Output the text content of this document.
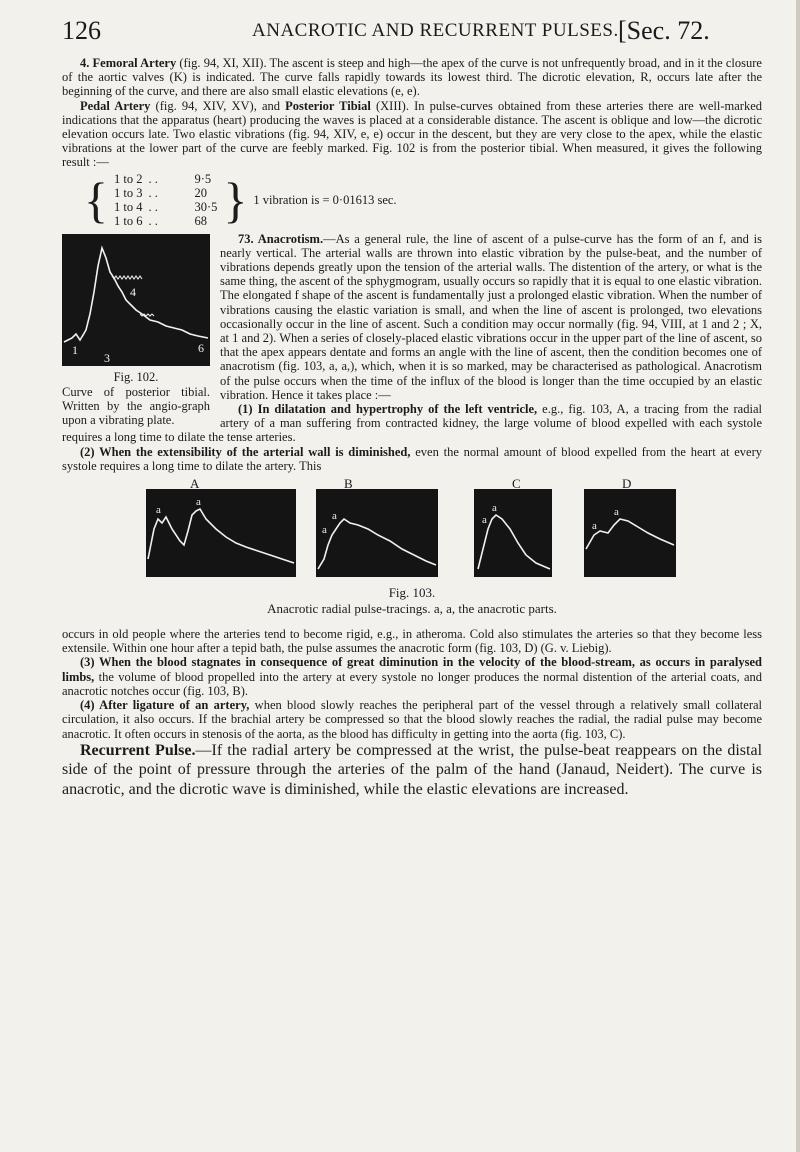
126	ANACROTIC AND RECURRENT PULSES. [Sec. 72.

4. Femoral Artery (fig. 94, XI, XII). The ascent is steep and high—the apex of the curve is not unfrequently broad, and in it the closure of the aortic valves (K) is indicated. The curve falls rapidly towards its lowest third. The dicrotic elevation, R, occurs late after the beginning of the curve, and there are also small elastic elevations (e, e).

Pedal Artery (fig. 94, XIV, XV), and Posterior Tibial (XIII). In pulse-curves obtained from these arteries there are well-marked indications that the apparatus (heart) producing the waves is placed at a considerable distance. The ascent is oblique and low—the dicrotic elevation occurs late. Two elastic vibrations (fig. 94, XIV, e, e) occur in the descent, but they are very close to the apex, while the elastic vibrations at the lower part of the curve are feebly marked. Fig. 102 is from the posterior tibial. When measured, it gives the following result :—

{	1 to 2	. .	9·5	}	1 vibration is = 0·01613 sec.
	1 to 3	. .	20		
	1 to 4	. .	30·5		
	1 to 6	. .	68		
1
3
4
6
Fig. 102.

Curve of posterior tibial. Written by the angio-graph upon a vibrating plate.

73. Anacrotism.—As a general rule, the line of ascent of a pulse-curve has the form of an f, and is nearly vertical. The arterial walls are thrown into elastic vibration by the pulse-beat, and the number of vibrations depends greatly upon the tension of the arterial walls. The distention of the artery, or what is the same thing, the ascent of the sphygmogram, usually occurs so rapidly that it is equal to one elastic vibration. The elongated f shape of the ascent is fundamentally just a prolonged elastic vibration. When the number of vibrations causing the elastic variation is small, and when the line of ascent is prolonged, two elevations occasionally occur in the line of ascent. Such a condition may occur normally (fig. 94, VIII, at 1 and 2 ; X, at 1 and 2). When a series of closely-placed elastic vibrations occur in the upper part of the line of ascent, so that the apex appears dentate and forms an angle with the line of ascent, then the condition becomes one of anacrotism (fig. 103, a, a,), which, when it is so marked, may be characterised as pathological. Anacrotism of the pulse occurs when the time of the influx of the blood is longer than the time occupied by an elastic vibration. Hence it takes place :—

(1) In dilatation and hypertrophy of the left ventricle, e.g., fig. 103, A, a tracing from the radial artery of a man suffering from contracted kidney, the large volume of blood expelled with each systole requires a long time to dilate the tense arteries.

(2) When the extensibility of the arterial wall is diminished, even the normal amount of blood expelled from the heart at every systole requires a long time to dilate the artery. This

A	B	C	D
a
a
a
a	a
a
a
a
Fig. 103.
Anacrotic radial pulse-tracings. a, a, the anacrotic parts.

occurs in old people where the arteries tend to become rigid, e.g., in atheroma. Cold also stimulates the arteries so that they become less extensile. Within one hour after a tepid bath, the pulse assumes the anacrotic form (fig. 103, D) (G. v. Liebig).

(3) When the blood stagnates in consequence of great diminution in the velocity of the blood-stream, as occurs in paralysed limbs, the volume of blood propelled into the artery at every systole no longer produces the normal distention of the arterial coats, and anacrotic notches occur (fig. 103, B).

(4) After ligature of an artery, when blood slowly reaches the peripheral part of the vessel through a relatively small collateral circulation, it also occurs. If the brachial artery be compressed so that the blood slowly reaches the radial, the radial pulse may become anacrotic. It often occurs in stenosis of the aorta, as the blood has difficulty in getting into the aorta (fig. 103, C).

Recurrent Pulse.—If the radial artery be compressed at the wrist, the pulse-beat reappears on the distal side of the point of pressure through the arteries of the palm of the hand (Janaud, Neidert). The curve is anacrotic, and the dicrotic wave is diminished, while the elastic elevations are increased.
